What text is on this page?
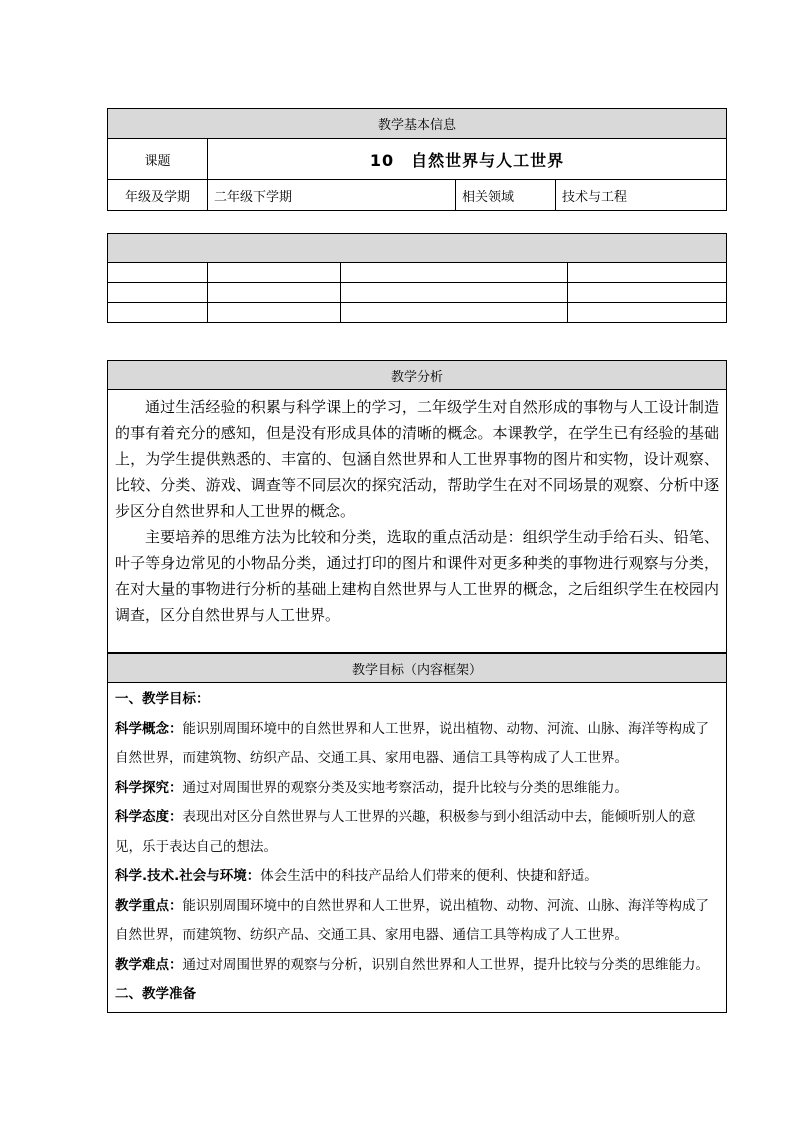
教学基本信息			
课题	10　自然世界与人工世界		
年级及学期	二年级下学期	相关领域	技术与工程

教学分析

通过生活经验的积累与科学课上的学习，二年级学生对自然形成的事物与人工设计制造的事有着充分的感知，但是没有形成具体的清晰的概念。本课教学，在学生已有经验的基础上，为学生提供熟悉的、丰富的、包涵自然世界和人工世界事物的图片和实物，设计观察、比较、分类、游戏、调查等不同层次的探究活动，帮助学生在对不同场景的观察、分析中逐步区分自然世界和人工世界的概念。

主要培养的思维方法为比较和分类，选取的重点活动是：组织学生动手给石头、铅笔、叶子等身边常见的小物品分类，通过打印的图片和课件对更多种类的事物进行观察与分类，在对大量的事物进行分析的基础上建构自然世界与人工世界的概念，之后组织学生在校园内调查，区分自然世界与人工世界。

教学目标（内容框架）

一、教学目标：

科学概念：能识别周围环境中的自然世界和人工世界，说出植物、动物、河流、山脉、海洋等构成了自然世界，而建筑物、纺织产品、交通工具、家用电器、通信工具等构成了人工世界。

科学探究：通过对周围世界的观察分类及实地考察活动，提升比较与分类的思维能力。

科学态度：表现出对区分自然世界与人工世界的兴趣，积极参与到小组活动中去，能倾听别人的意见，乐于表达自己的想法。

科学.技术.社会与环境：体会生活中的科技产品给人们带来的便利、快捷和舒适。

教学重点：能识别周围环境中的自然世界和人工世界，说出植物、动物、河流、山脉、海洋等构成了自然世界，而建筑物、纺织产品、交通工具、家用电器、通信工具等构成了人工世界。

教学难点：通过对周围世界的观察与分析，识别自然世界和人工世界，提升比较与分类的思维能力。

二、教学准备
